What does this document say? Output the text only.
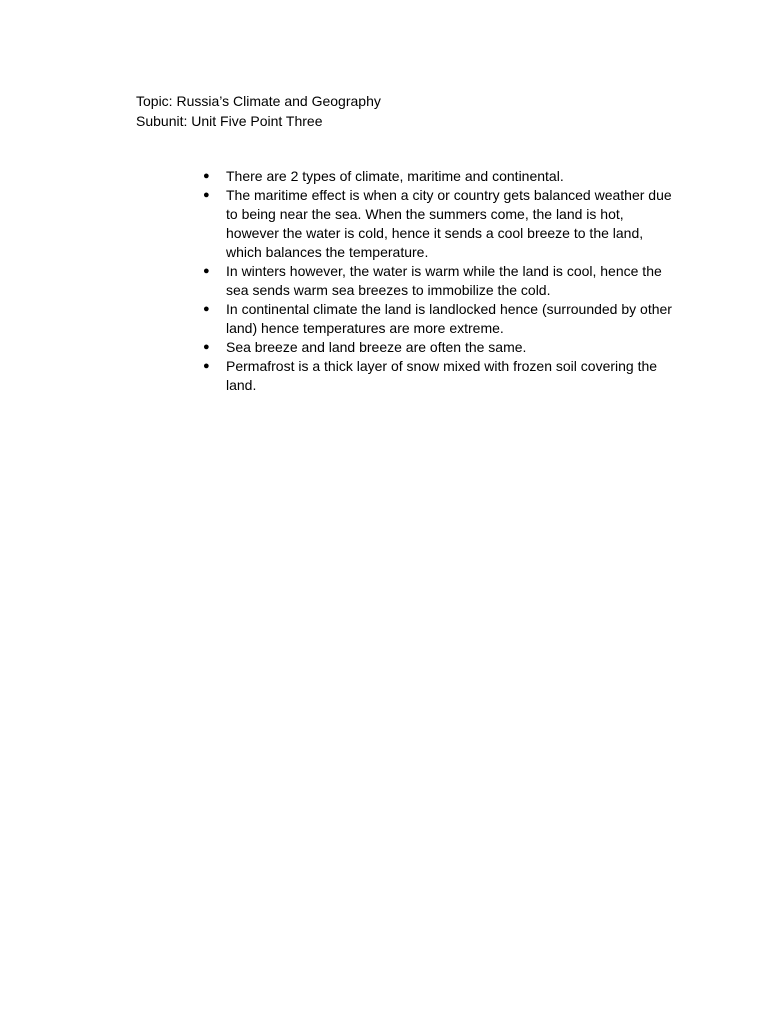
Topic: Russia’s Climate and Geography
Subunit: Unit Five Point Three
● There are 2 types of climate, maritime and continental.
● The maritime effect is when a city or country gets balanced weather due to being near the sea. When the summers come, the land is hot, however the water is cold, hence it sends a cool breeze to the land, which balances the temperature.
● In winters however, the water is warm while the land is cool, hence the sea sends warm sea breezes to immobilize the cold.
● In continental climate the land is landlocked hence (surrounded by other land) hence temperatures are more extreme.
● Sea breeze and land breeze are often the same.
● Permafrost is a thick layer of snow mixed with frozen soil covering the land.
